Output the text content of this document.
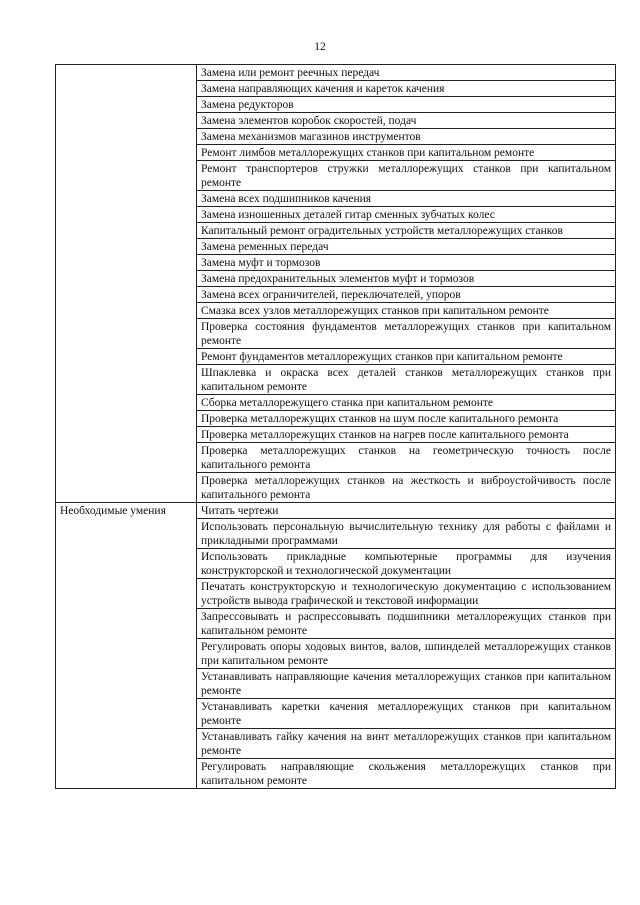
12

	Замена или ремонт реечных передач

	Замена направляющих качения и кареток качения

	Замена редукторов

	Замена элементов коробок скоростей, подач

	Замена механизмов магазинов инструментов

	Ремонт лимбов металлорежущих станков при капитальном ремонте

	Ремонт транспортеров стружки металлорежущих станков при капитальном ремонте

	Замена всех подшипников качения

	Замена изношенных деталей гитар сменных зубчатых колес

	Капитальный ремонт оградительных устройств металлорежущих станков

	Замена ременных передач

	Замена муфт и тормозов

	Замена предохранительных элементов муфт и тормозов

	Замена всех ограничителей, переключателей, упоров

	Смазка всех узлов металлорежущих станков при капитальном ремонте

	Проверка состояния фундаментов металлорежущих станков при капитальном ремонте

	Ремонт фундаментов металлорежущих станков при капитальном ремонте

	Шпаклевка и окраска всех деталей станков металлорежущих станков при капитальном ремонте

	Сборка металлорежущего станка при капитальном ремонте

	Проверка металлорежущих станков на шум после капитального ремонта

	Проверка металлорежущих станков на нагрев после капитального ремонта

	Проверка металлорежущих станков на геометрическую точность после капитального ремонта

	Проверка металлорежущих станков на жесткость и виброустойчивость после капитального ремонта

Необходимые умения	Читать чертежи

	Использовать персональную вычислительную технику для работы с файлами и прикладными программами

	Использовать прикладные компьютерные программы для изучения конструкторской и технологической документации

	Печатать конструкторскую и технологическую документацию с использованием устройств вывода графической и текстовой информации

	Запрессовывать и распрессовывать подшипники металлорежущих станков при капитальном ремонте

	Регулировать опоры ходовых винтов, валов, шпинделей металлорежущих станков при капитальном ремонте

	Устанавливать направляющие качения металлорежущих станков при капитальном ремонте

	Устанавливать каретки качения металлорежущих станков при капитальном ремонте

	Устанавливать гайку качения на винт металлорежущих станков при капитальном ремонте

	Регулировать направляющие скольжения металлорежущих станков при капитальном ремонте
